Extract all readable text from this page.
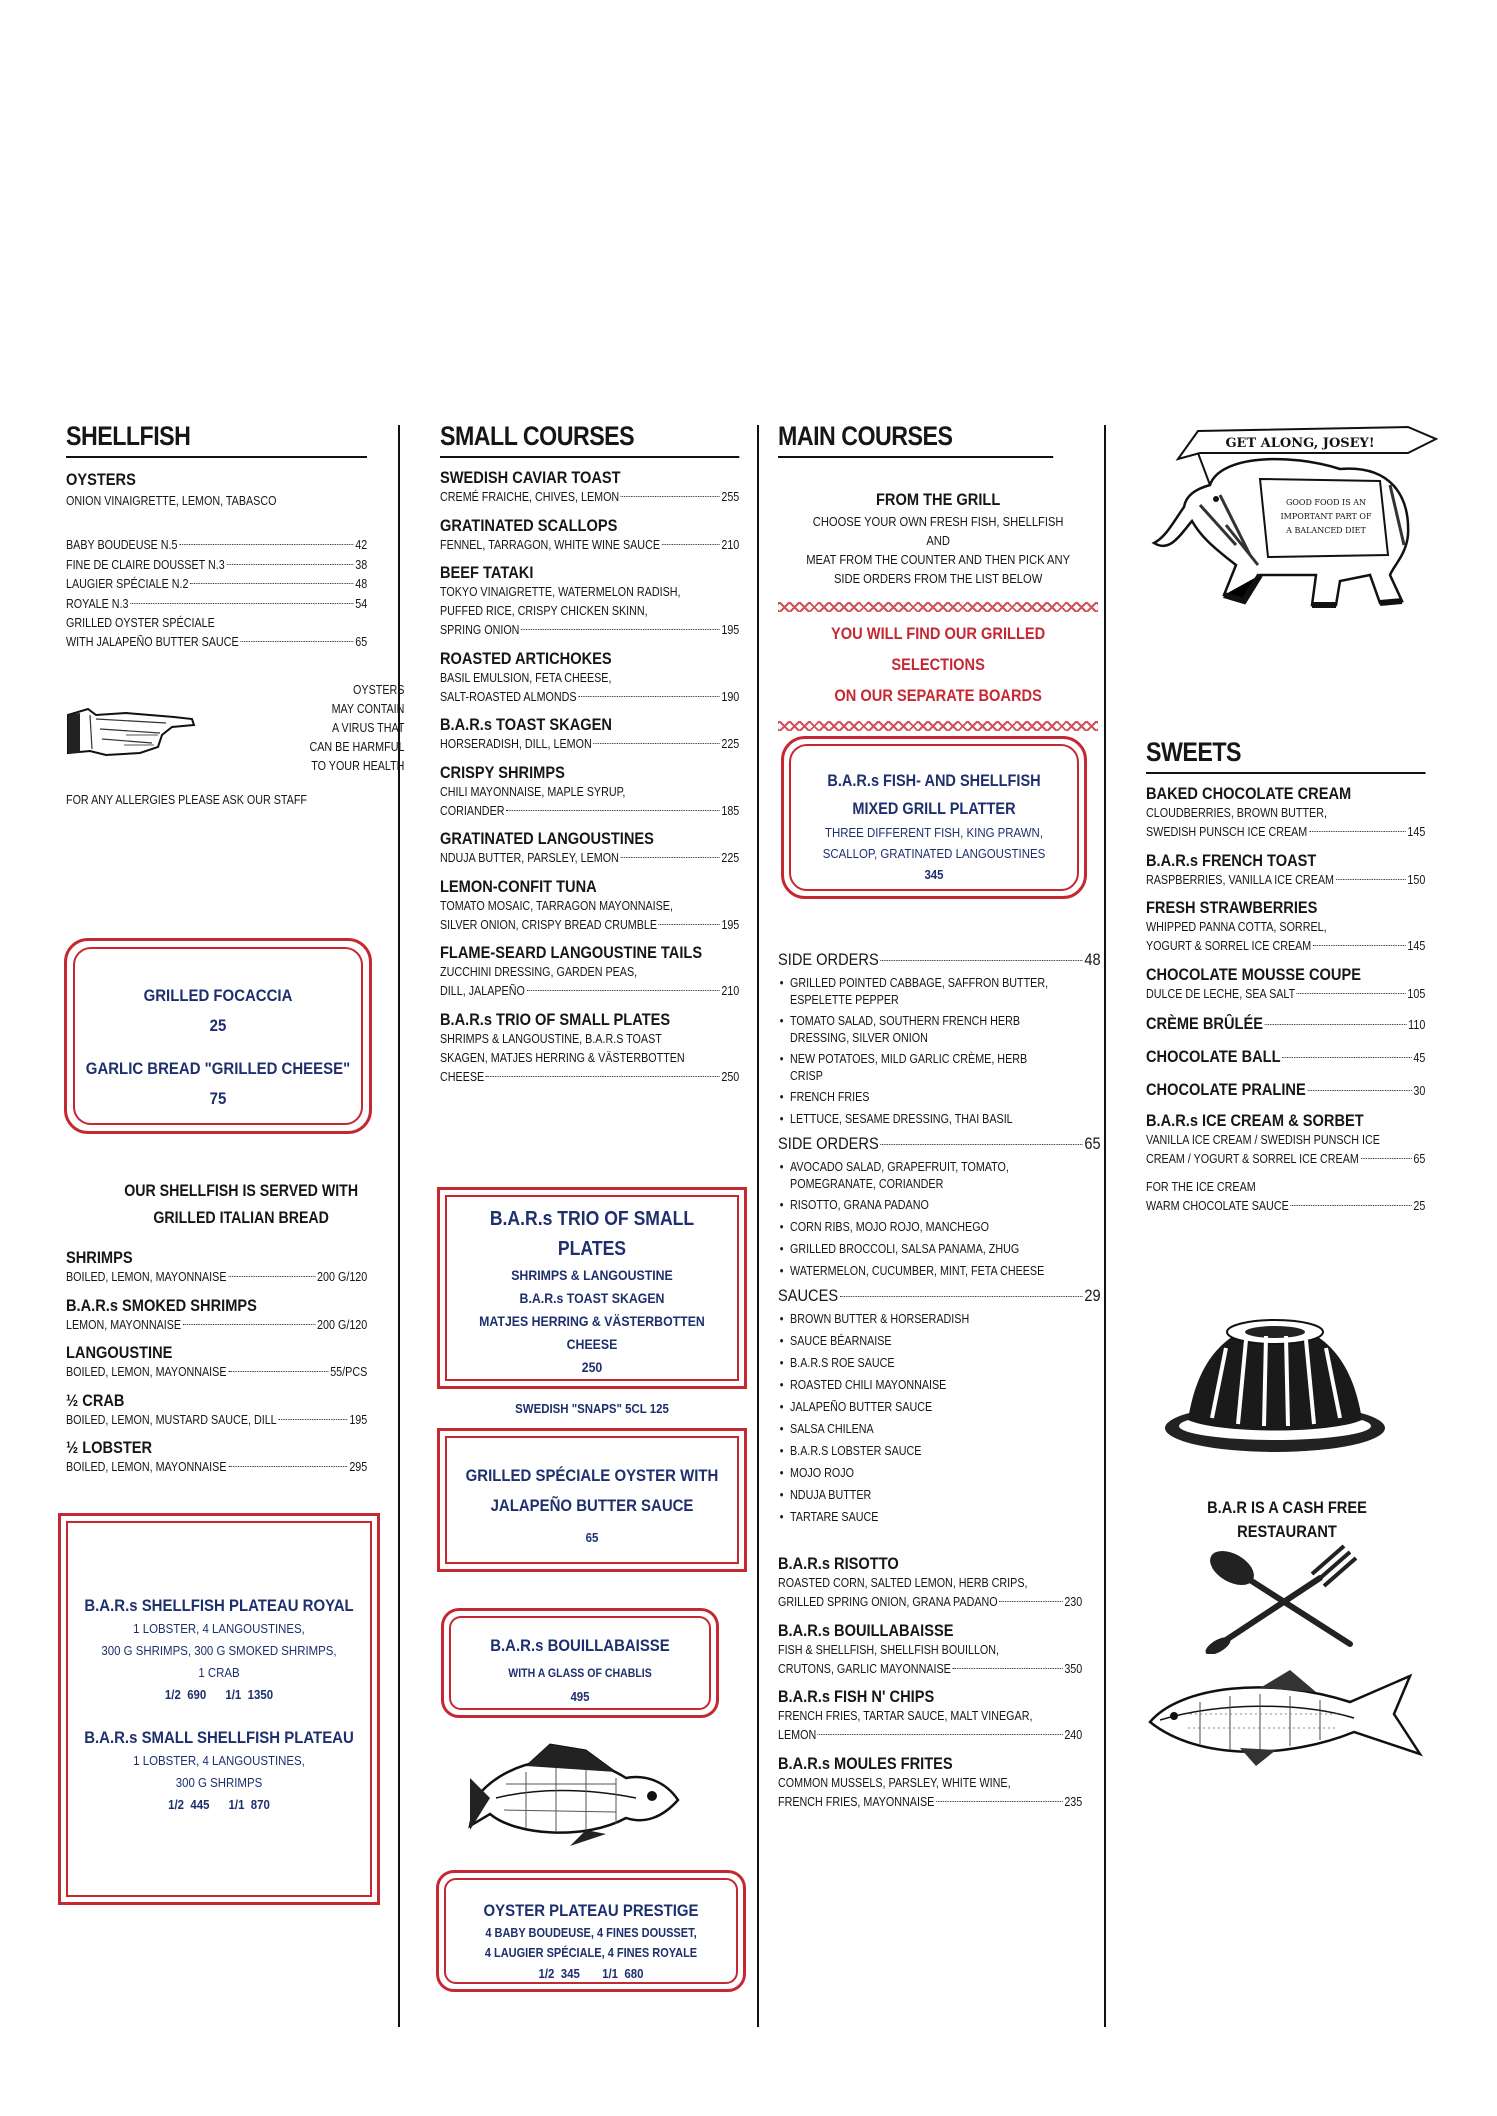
SHELLFISH
OYSTERS
ONION VINAIGRETTE, LEMON, TABASCO
BABY BOUDEUSE N.5	42
FINE DE CLAIRE DOUSSET N.3	38
LAUGIER SPÉCIALE N.2	48
ROYALE N.3	54
GRILLED OYSTER SPÉCIALE
WITH JALAPEÑO BUTTER SAUCE	65
OYSTERS
MAY CONTAIN
A VIRUS THAT
CAN BE HARMFUL
TO YOUR HEALTH
FOR ANY ALLERGIES PLEASE ASK OUR STAFF
GRILLED FOCACCIA
25
GARLIC BREAD "GRILLED CHEESE"
75
OUR SHELLFISH IS SERVED WITH
GRILLED ITALIAN BREAD
SHRIMPS
BOILED, LEMON, MAYONNAISE	200 G/120
B.A.R.s SMOKED SHRIMPS
LEMON, MAYONNAISE	200 G/120
LANGOUSTINE
BOILED, LEMON, MAYONNAISE	55/PCS
½ CRAB
BOILED, LEMON, MUSTARD SAUCE, DILL	195
½ LOBSTER
BOILED, LEMON, MAYONNAISE	295
B.A.R.s SHELLFISH PLATEAU ROYAL
1 LOBSTER, 4 LANGOUSTINES,
300 G SHRIMPS, 300 G SMOKED SHRIMPS,
1 CRAB
1/2  690      1/1  1350
B.A.R.s SMALL SHELLFISH PLATEAU
1 LOBSTER, 4 LANGOUSTINES,
300 G SHRIMPS
1/2  445      1/1  870
SMALL COURSES
SWEDISH CAVIAR TOAST
CREMÉ FRAICHE, CHIVES, LEMON	255
GRATINATED SCALLOPS
FENNEL, TARRAGON, WHITE WINE SAUCE	210
BEEF TATAKI
TOKYO VINAIGRETTE, WATERMELON RADISH,
PUFFED RICE, CRISPY CHICKEN SKINN,
SPRING ONION	195
ROASTED ARTICHOKES
BASIL EMULSION, FETA CHEESE,
SALT-ROASTED ALMONDS	190
B.A.R.s TOAST SKAGEN
HORSERADISH, DILL, LEMON	225
CRISPY SHRIMPS
CHILI MAYONNAISE, MAPLE SYRUP,
CORIANDER	185
GRATINATED LANGOUSTINES
NDUJA BUTTER, PARSLEY, LEMON	225
LEMON-CONFIT TUNA
TOMATO MOSAIC, TARRAGON MAYONNAISE,
SILVER ONION, CRISPY BREAD CRUMBLE	195
FLAME-SEARD LANGOUSTINE TAILS
ZUCCHINI DRESSING, GARDEN PEAS,
DILL, JALAPEÑO	210
B.A.R.s TRIO OF SMALL PLATES
SHRIMPS & LANGOUSTINE, B.A.R.S TOAST
SKAGEN, MATJES HERRING & VÄSTERBOTTEN
CHEESE	250
B.A.R.s TRIO OF SMALL PLATES
SHRIMPS & LANGOUSTINE
B.A.R.s TOAST SKAGEN
MATJES HERRING & VÄSTERBOTTEN CHEESE
250
SWEDISH "SNAPS" 5CL 125
GRILLED SPÉCIALE OYSTER WITH
JALAPEÑO BUTTER SAUCE
65
B.A.R.s BOUILLABAISSE
WITH A GLASS OF CHABLIS
495
OYSTER PLATEAU PRESTIGE
4 BABY BOUDEUSE, 4 FINES DOUSSET,
4 LAUGIER SPÉCIALE, 4 FINES ROYALE
1/2  345       1/1  680
MAIN COURSES
FROM THE GRILL
CHOOSE YOUR OWN FRESH FISH, SHELLFISH AND
MEAT FROM THE COUNTER AND THEN PICK ANY
SIDE ORDERS FROM THE LIST BELOW
YOU WILL FIND OUR GRILLED SELECTIONS
ON OUR SEPARATE BOARDS
B.A.R.s FISH- AND SHELLFISH
MIXED GRILL PLATTER
THREE DIFFERENT FISH, KING PRAWN,
SCALLOP, GRATINATED LANGOUSTINES
345
SIDE ORDERS	48
• GRILLED POINTED CABBAGE, SAFFRON BUTTER,
ESPELETTE PEPPER
• TOMATO SALAD, SOUTHERN FRENCH HERB
DRESSING, SILVER ONION
• NEW POTATOES, MILD GARLIC CRÈME, HERB
CRISP
• FRENCH FRIES
• LETTUCE, SESAME DRESSING, THAI BASIL
SIDE ORDERS	65
• AVOCADO SALAD, GRAPEFRUIT, TOMATO,
POMEGRANATE, CORIANDER
• RISOTTO, GRANA PADANO
• CORN RIBS, MOJO ROJO, MANCHEGO
• GRILLED BROCCOLI, SALSA PANAMA, ZHUG
• WATERMELON, CUCUMBER, MINT, FETA CHEESE
SAUCES	29
• BROWN BUTTER & HORSERADISH
• SAUCE BÉARNAISE
• B.A.R.S ROE SAUCE
• ROASTED CHILI MAYONNAISE
• JALAPEÑO BUTTER SAUCE
• SALSA CHILENA
• B.A.R.S LOBSTER SAUCE
• MOJO ROJO
• NDUJA BUTTER
• TARTARE SAUCE
B.A.R.s RISOTTO
ROASTED CORN, SALTED LEMON, HERB CRIPS,
GRILLED SPRING ONION, GRANA PADANO	230
B.A.R.s BOUILLABAISSE
FISH & SHELLFISH, SHELLFISH BOUILLON,
CRUTONS, GARLIC MAYONNAISE	350
B.A.R.s FISH N' CHIPS
FRENCH FRIES, TARTAR SAUCE, MALT VINEGAR,
LEMON	240
B.A.R.s MOULES FRITES
COMMON MUSSELS, PARSLEY, WHITE WINE,
FRENCH FRIES, MAYONNAISE	235
GET ALONG, JOSEY!
GOOD FOOD IS AN
IMPORTANT PART OF
A BALANCED DIET
SWEETS
BAKED CHOCOLATE CREAM
CLOUDBERRIES, BROWN BUTTER,
SWEDISH PUNSCH ICE CREAM	145
B.A.R.s FRENCH TOAST
RASPBERRIES, VANILLA ICE CREAM	150
FRESH STRAWBERRIES
WHIPPED PANNA COTTA, SORREL,
YOGURT & SORREL ICE CREAM	145
CHOCOLATE MOUSSE COUPE
DULCE DE LECHE, SEA SALT	105
CRÈME BRÛLÉE	110
CHOCOLATE BALL	45
CHOCOLATE PRALINE	30
B.A.R.s ICE CREAM & SORBET
VANILLA ICE CREAM / SWEDISH PUNSCH ICE
CREAM / YOGURT & SORREL ICE CREAM	65
FOR THE ICE CREAM
WARM CHOCOLATE SAUCE	25
B.A.R IS A CASH FREE RESTAURANT
